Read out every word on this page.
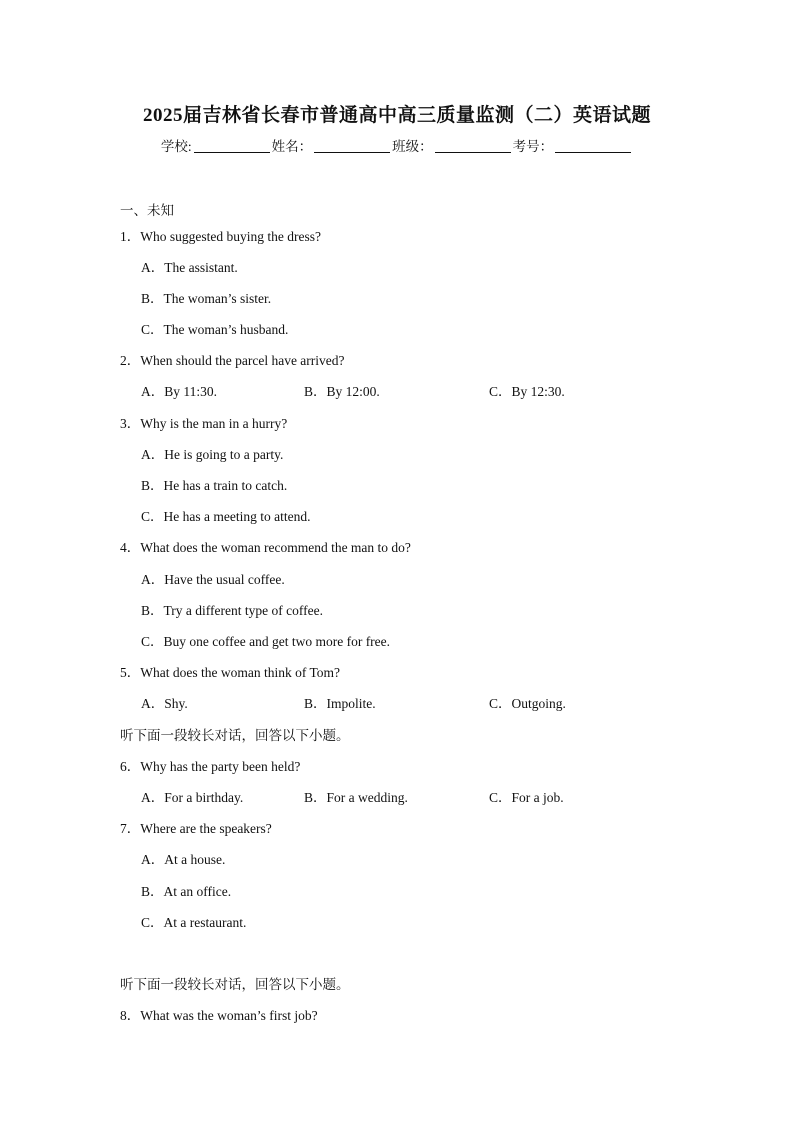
2025届吉林省长春市普通高中高三质量监测（二）英语试题
学校:	姓名：	班级：	考号：
一、未知
1．Who suggested buying the dress?
A．The assistant.
B．The woman’s sister.
C．The woman’s husband.
2．When should the parcel have arrived?
A．By 11:30.	B．By 12:00.	C．By 12:30.
3．Why is the man in a hurry?
A．He is going to a party.
B．He has a train to catch.
C．He has a meeting to attend.
4．What does the woman recommend the man to do?
A．Have the usual coffee.
B．Try a different type of coffee.
C．Buy one coffee and get two more for free.
5．What does the woman think of Tom?
A．Shy.	B．Impolite.	C．Outgoing.
听下面一段较长对话，回答以下小题。
6．Why has the party been held?
A．For a birthday.	B．For a wedding.	C．For a job.
7．Where are the speakers?
A．At a house.
B．At an office.
C．At a restaurant.
听下面一段较长对话，回答以下小题。
8．What was the woman’s first job?
